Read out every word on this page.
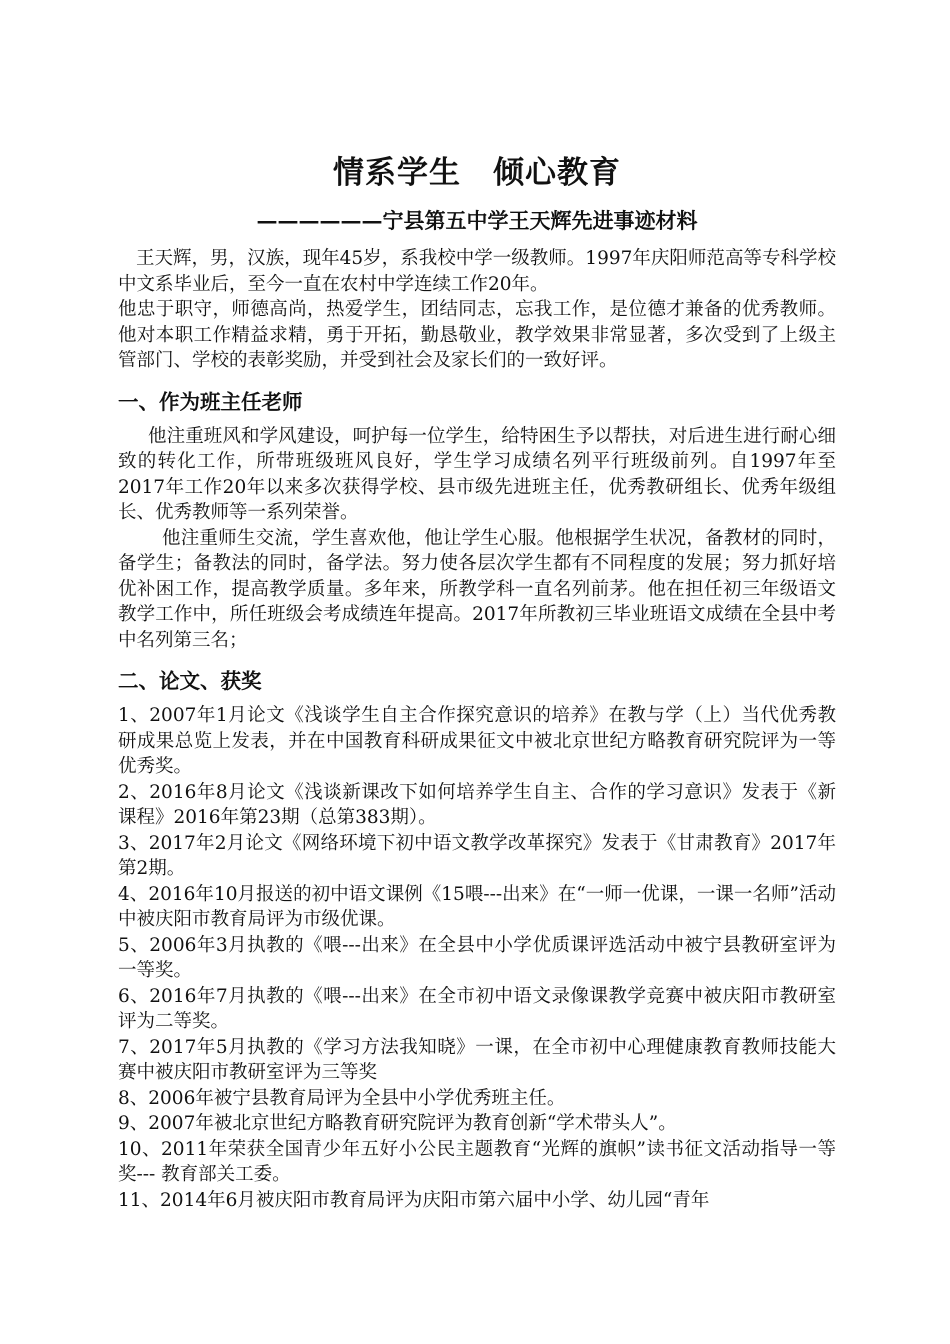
情系学生　倾心教育
——————宁县第五中学王天辉先进事迹材料

王天辉，男，汉族，现年45岁，系我校中学一级教师。1997年庆阳师范高等专科学校中文系毕业后，至今一直在农村中学连续工作20年。

他忠于职守，师德高尚，热爱学生，团结同志，忘我工作，是位德才兼备的优秀教师。他对本职工作精益求精，勇于开拓，勤恳敬业，教学效果非常显著，多次受到了上级主管部门、学校的表彰奖励，并受到社会及家长们的一致好评。

一、作为班主任老师

他注重班风和学风建设，呵护每一位学生，给特困生予以帮扶，对后进生进行耐心细致的转化工作，所带班级班风良好，学生学习成绩名列平行班级前列。自1997年至2017年工作20年以来多次获得学校、县市级先进班主任，优秀教研组长、优秀年级组长、优秀教师等一系列荣誉。

他注重师生交流，学生喜欢他，他让学生心服。他根据学生状况，备教材的同时，备学生；备教法的同时，备学法。努力使各层次学生都有不同程度的发展；努力抓好培优补困工作，提高教学质量。多年来，所教学科一直名列前茅。他在担任初三年级语文教学工作中，所任班级会考成绩连年提高。2017年所教初三毕业班语文成绩在全县中考中名列第三名；

二、论文、获奖

1、2007年1月论文《浅谈学生自主合作探究意识的培养》在教与学（上）当代优秀教研成果总览上发表，并在中国教育科研成果征文中被北京世纪方略教育研究院评为一等优秀奖。

2、2016年8月论文《浅谈新课改下如何培养学生自主、合作的学习意识》发表于《新课程》2016年第23期（总第383期）。

3、2017年2月论文《网络环境下初中语文教学改革探究》发表于《甘肃教育》2017年第2期。

4、2016年10月报送的初中语文课例《15喂---出来》在“一师一优课，一课一名师”活动中被庆阳市教育局评为市级优课。

5、2006年3月执教的《喂---出来》在全县中小学优质课评选活动中被宁县教研室评为一等奖。

6、2016年7月执教的《喂---出来》在全市初中语文录像课教学竞赛中被庆阳市教研室评为二等奖。

7、2017年5月执教的《学习方法我知晓》一课，在全市初中心理健康教育教师技能大赛中被庆阳市教研室评为三等奖

8、2006年被宁县教育局评为全县中小学优秀班主任。

9、2007年被北京世纪方略教育研究院评为教育创新“学术带头人”。

10、2011年荣获全国青少年五好小公民主题教育“光辉的旗帜”读书征文活动指导一等奖--- 教育部关工委。

11、2014年6月被庆阳市教育局评为庆阳市第六届中小学、幼儿园“青年
